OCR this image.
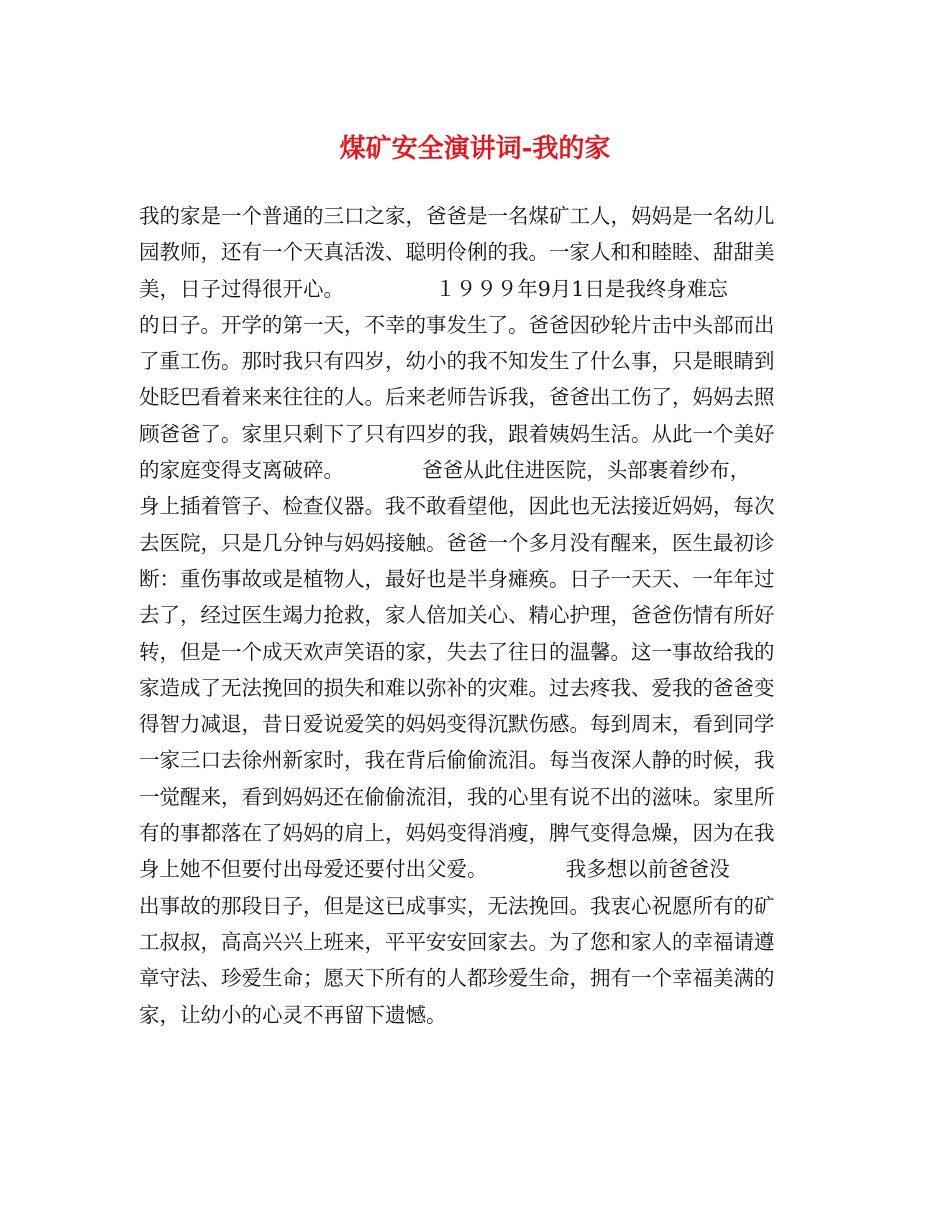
煤矿安全演讲词-我的家
我的家是一个普通的三口之家，爸爸是一名煤矿工人，妈妈是一名幼儿
园教师，还有一个天真活泼、聪明伶俐的我。一家人和和睦睦、甜甜美
美，日子过得很开心。              １９９９年9月1日是我终身难忘
的日子。开学的第一天，不幸的事发生了。爸爸因砂轮片击中头部而出
了重工伤。那时我只有四岁，幼小的我不知发生了什么事，只是眼睛到
处眨巴看着来来往往的人。后来老师告诉我，爸爸出工伤了，妈妈去照
顾爸爸了。家里只剩下了只有四岁的我，跟着姨妈生活。从此一个美好
的家庭变得支离破碎。            爸爸从此住进医院，头部裹着纱布，
身上插着管子、检查仪器。我不敢看望他，因此也无法接近妈妈，每次
去医院，只是几分钟与妈妈接触。爸爸一个多月没有醒来，医生最初诊
断：重伤事故或是植物人，最好也是半身瘫痪。日子一天天、一年年过
去了，经过医生竭力抢救，家人倍加关心、精心护理，爸爸伤情有所好
转，但是一个成天欢声笑语的家，失去了往日的温馨。这一事故给我的
家造成了无法挽回的损失和难以弥补的灾难。过去疼我、爱我的爸爸变
得智力减退，昔日爱说爱笑的妈妈变得沉默伤感。每到周末，看到同学
一家三口去徐州新家时，我在背后偷偷流泪。每当夜深人静的时候，我
一觉醒来，看到妈妈还在偷偷流泪，我的心里有说不出的滋味。家里所
有的事都落在了妈妈的肩上，妈妈变得消瘦，脾气变得急燥，因为在我
身上她不但要付出母爱还要付出父爱。            我多想以前爸爸没
出事故的那段日子，但是这已成事实，无法挽回。我衷心祝愿所有的矿
工叔叔，高高兴兴上班来，平平安安回家去。为了您和家人的幸福请遵
章守法、珍爱生命；愿天下所有的人都珍爱生命，拥有一个幸福美满的
家，让幼小的心灵不再留下遗憾。
